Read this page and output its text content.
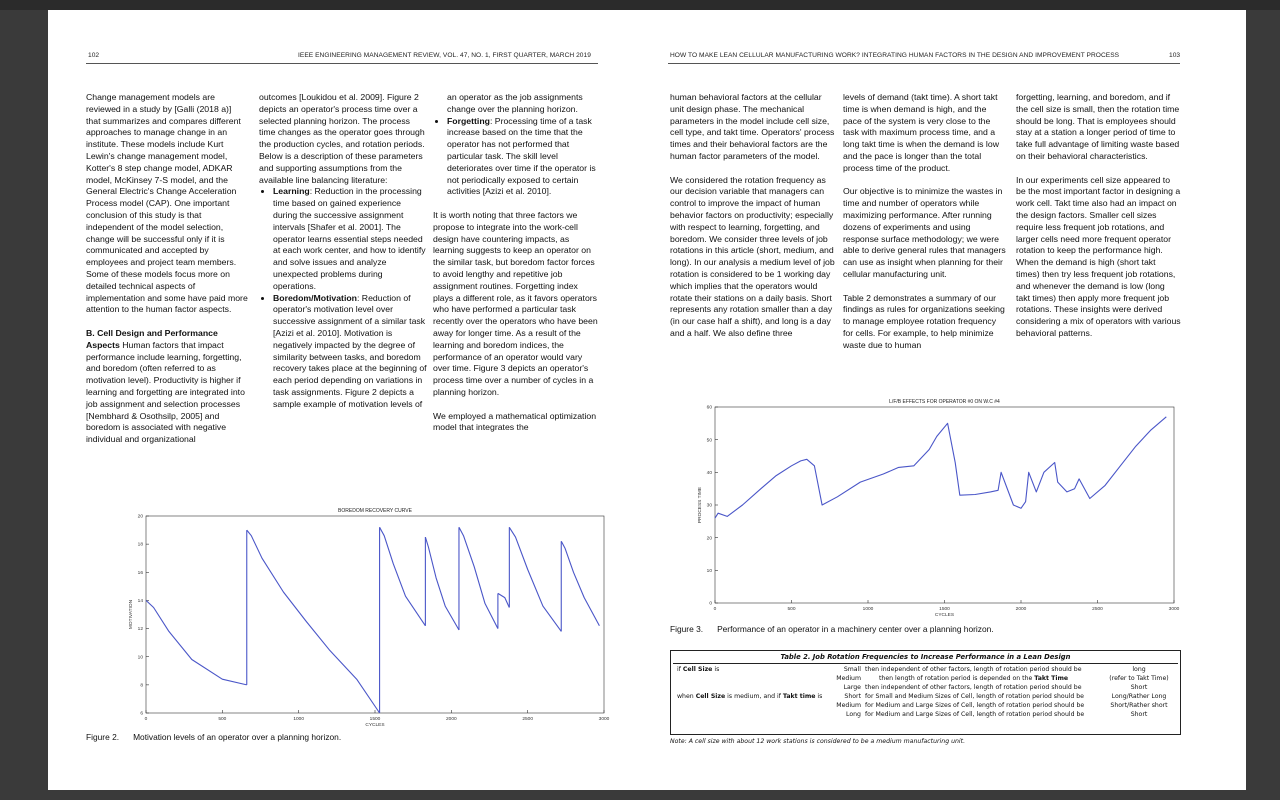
102	IEEE ENGINEERING MANAGEMENT REVIEW, VOL. 47, NO. 1, FIRST QUARTER, MARCH 2019

Change management models are reviewed in a study by [Galli (2018 a)] that summarizes and compares different approaches to manage change in an institute. These models include Kurt Lewin's change management model, Kotter's 8 step change model, ADKAR model, McKinsey 7-S model, and the General Electric's Change Acceleration Process model (CAP). One important conclusion of this study is that independent of the model selection, change will be successful only if it is communicated and accepted by employees and project team members. Some of these models focus more on detailed technical aspects of implementation and some have paid more attention to the human factor aspects.

B. Cell Design and Performance Aspects Human factors that impact performance include learning, forgetting, and boredom (often referred to as motivation level). Productivity is higher if learning and forgetting are integrated into job assignment and selection processes [Nembhard & Osothsilp, 2005] and boredom is associated with negative individual and organizational

outcomes [Loukidou et al. 2009]. Figure 2 depicts an operator's process time over a selected planning horizon. The process time changes as the operator goes through the production cycles, and rotation periods. Below is a description of these parameters and supporting assumptions from the available line balancing literature:

• Learning: Reduction in the processing time based on gained experience during the successive assignment intervals [Shafer et al. 2001]. The operator learns essential steps needed at each work center, and how to identify and solve issues and analyze unexpected problems during operations.
• Boredom/Motivation: Reduction of operator's motivation level over successive assignment of a similar task [Azizi et al. 2010]. Motivation is negatively impacted by the degree of similarity between tasks, and boredom recovery takes place at the beginning of each period depending on variations in task assignments. Figure 2 depicts a sample example of motivation levels of
an operator as the job assignments change over the planning horizon.
• Forgetting: Processing time of a task increase based on the time that the operator has not performed that particular task. The skill level deteriorates over time if the operator is not periodically exposed to certain activities [Azizi et al. 2010].

It is worth noting that three factors we propose to integrate into the work-cell design have countering impacts, as learning suggests to keep an operator on the similar task, but boredom factor forces to avoid lengthy and repetitive job assignment routines. Forgetting index plays a different role, as it favors operators who have performed a particular task recently over the operators who have been away for longer time. As a result of the learning and boredom indices, the performance of an operator would vary over time. Figure 3 depicts an operator's process time over a number of cycles in a planning horizon.

We employed a mathematical optimization model that integrates the

BOREDOM RECOVERY CURVE
0	500	1000	1500	2000	2500	3000
6
8
10
12
14
16
18
20
CYCLES
MOTIVATION
Figure 2. Motivation levels of an operator over a planning horizon.
HOW TO MAKE LEAN CELLULAR MANUFACTURING WORK? INTEGRATING HUMAN FACTORS IN THE DESIGN AND IMPROVEMENT PROCESS	103

human behavioral factors at the cellular unit design phase. The mechanical parameters in the model include cell size, cell type, and takt time. Operators' process times and their behavioral factors are the human factor parameters of the model.

We considered the rotation frequency as our decision variable that managers can control to improve the impact of human behavior factors on productivity; especially with respect to learning, forgetting, and boredom. We consider three levels of job rotations in this article (short, medium, and long). In our analysis a medium level of job rotation is considered to be 1 working day which implies that the operators would rotate their stations on a daily basis. Short represents any rotation smaller than a day (in our case half a shift), and long is a day and a half. We also define three

levels of demand (takt time). A short takt time is when demand is high, and the pace of the system is very close to the task with maximum process time, and a long takt time is when the demand is low and the pace is longer than the total process time of the product.

Our objective is to minimize the wastes in time and number of operators while maximizing performance. After running dozens of experiments and using response surface methodology; we were able to derive general rules that managers can use as insight when planning for their cellular manufacturing unit.

Table 2 demonstrates a summary of our findings as rules for organizations seeking to manage employee rotation frequency for cells. For example, to help minimize waste due to human

forgetting, learning, and boredom, and if the cell size is small, then the rotation time should be long. That is employees should stay at a station a longer period of time to take full advantage of limiting waste based on their behavioral characteristics.

In our experiments cell size appeared to be the most important factor in designing a work cell. Takt time also had an impact on the design factors. Smaller cell sizes require less frequent job rotations, and larger cells need more frequent operator rotation to keep the performance high. When the demand is high (short takt times) then try less frequent job rotations, and whenever the demand is low (long takt times) then apply more frequent job rotations. These insights were derived considering a mix of operators with various behavioral patterns.

L/F/B EFFECTS FOR OPERATOR #0 ON W.C #4
0	500	1000	1500	2000	2500	3000
0
10
20
30
40
50
60
CYCLES
PROCESS TIME
Figure 3. Performance of an operator in a machinery center over a planning horizon.
Table 2. Job Rotation Frequencies to Increase Performance in a Lean Design
if Cell Size is
when Cell Size is medium, and if Takt time is
Small then independent of other factors, length of rotation period should be	long
Medium	then length of rotation period is depended on the Takt Time	(refer to Takt Time)
Large then independent of other factors, length of rotation period should be	Short
Short for Small and Medium Sizes of Cell, length of rotation period should be	Long/Rather Long
Medium for Medium and Large Sizes of Cell, length of rotation period should be	Short/Rather short
Long for Medium and Large Sizes of Cell, length of rotation period should be	Short
Note: A cell size with about 12 work stations is considered to be a medium manufacturing unit.
